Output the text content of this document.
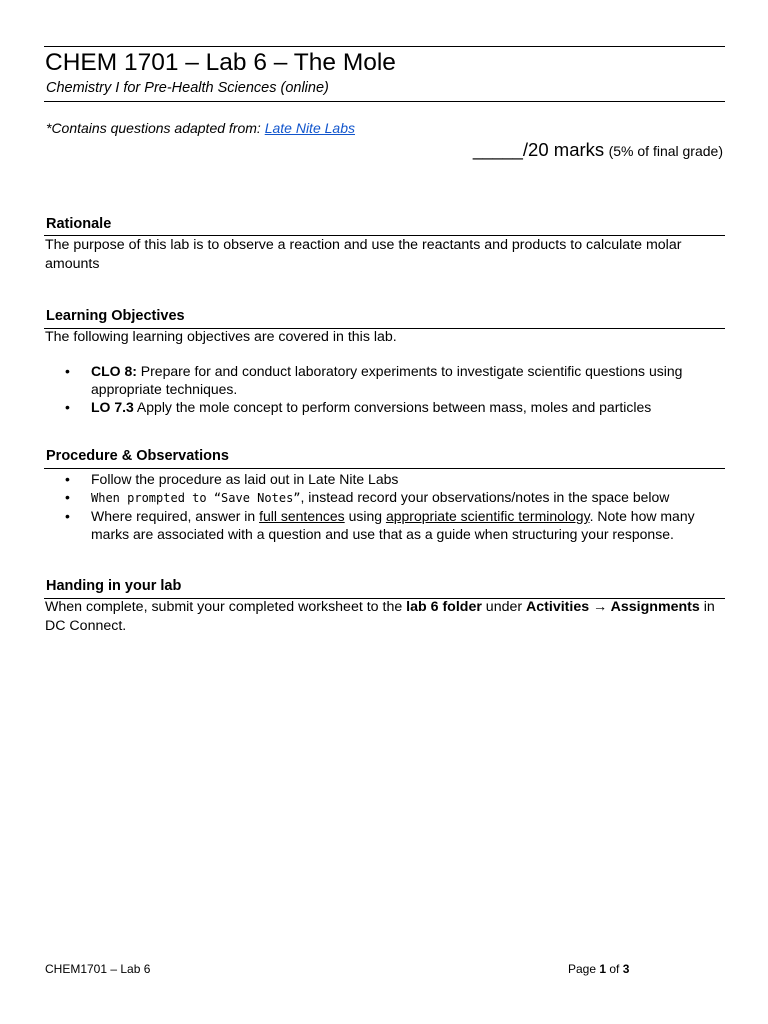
CHEM 1701 – Lab 6 – The Mole
Chemistry I for Pre-Health Sciences (online)
*Contains questions adapted from: Late Nite Labs
_____/20 marks (5% of final grade)
Rationale
The purpose of this lab is to observe a reaction and use the reactants and products to calculate molar amounts
Learning Objectives
The following learning objectives are covered in this lab.
• CLO 8: Prepare for and conduct laboratory experiments to investigate scientific questions using appropriate techniques.
• LO 7.3 Apply the mole concept to perform conversions between mass, moles and particles
Procedure & Observations
• Follow the procedure as laid out in Late Nite Labs
• When prompted to “Save Notes”, instead record your observations/notes in the space below
• Where required, answer in full sentences using appropriate scientific terminology. Note how many marks are associated with a question and use that as a guide when structuring your response.
Handing in your lab
When complete, submit your completed worksheet to the lab 6 folder under Activities → Assignments in DC Connect.
CHEM1701 – Lab 6	Page 1 of 3
